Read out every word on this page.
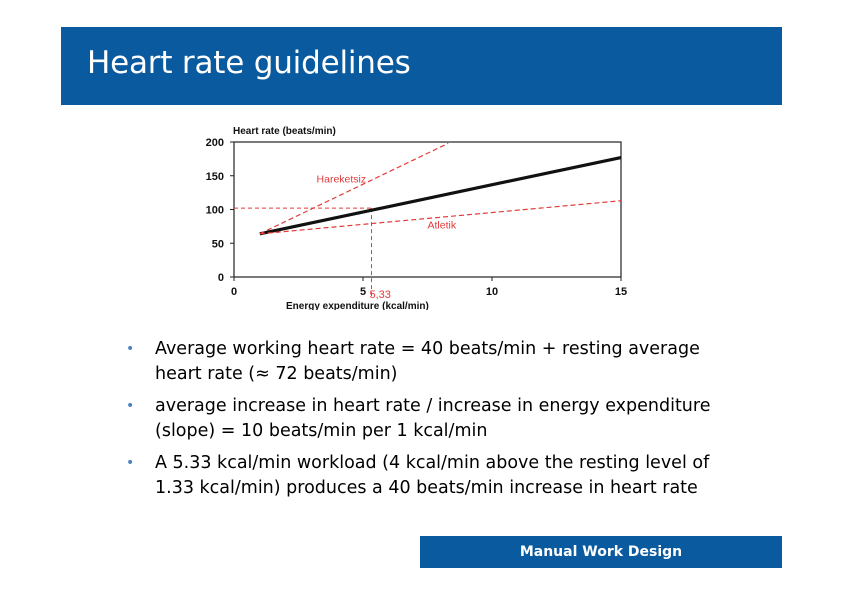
Heart rate guidelines
Heart rate (beats/min)
Energy expenditure (kcal/min)
0
50
100
150
200
0	5	10	15
5,33
Hareketsiz
Atletik
• Average working heart rate = 40 beats/min + resting average heart rate (≈ 72 beats/min)
• average increase in heart rate / increase in energy expenditure (slope) = 10 beats/min per 1 kcal/min
• A 5.33 kcal/min workload (4 kcal/min above the resting level of 1.33 kcal/min) produces a 40 beats/min increase in heart rate
Manual Work Design
